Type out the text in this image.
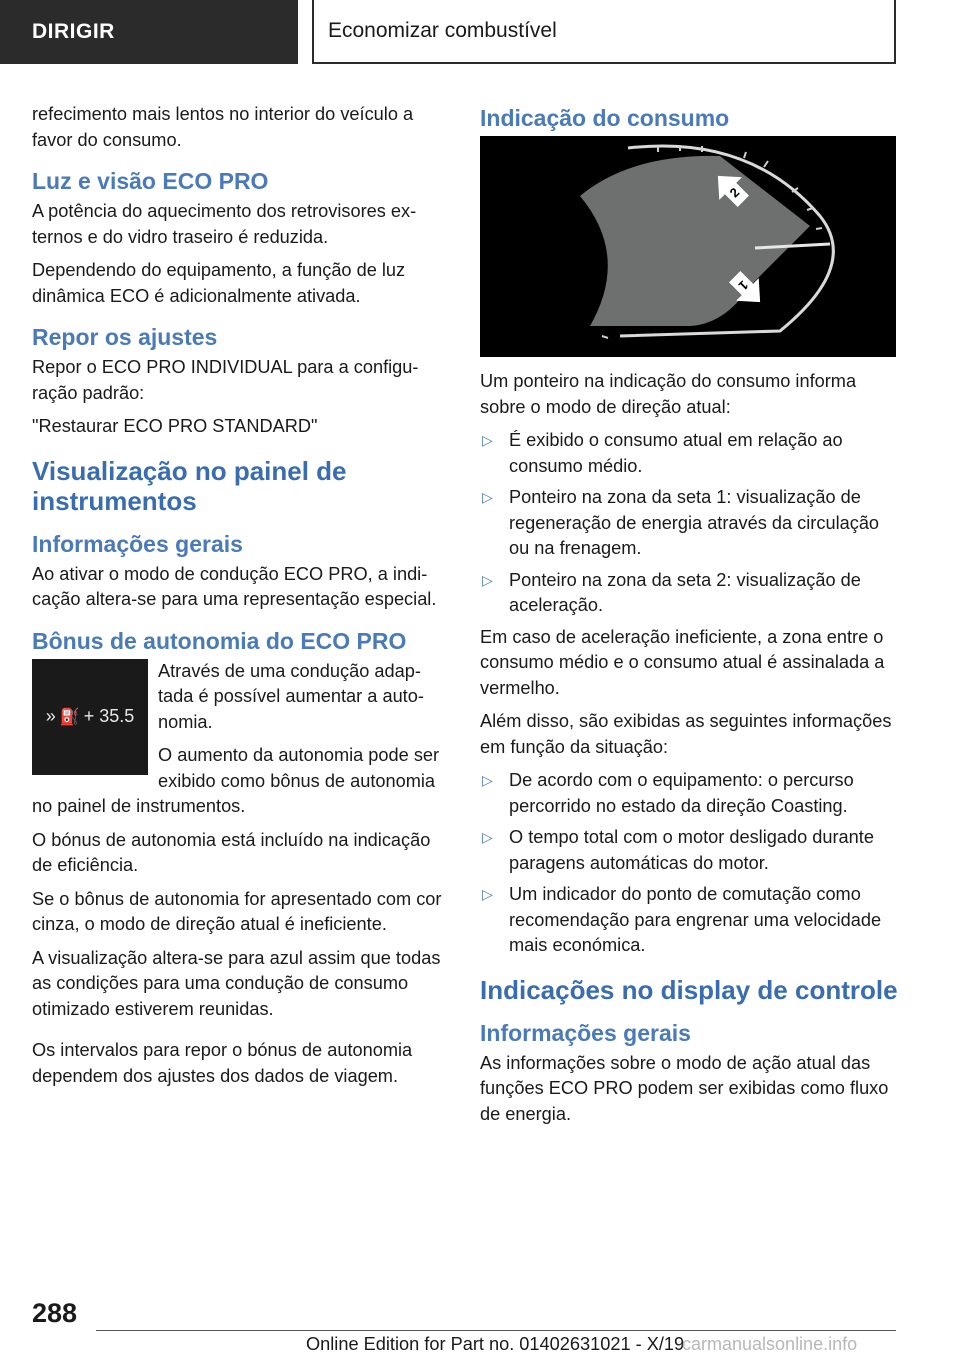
DIRIGIR	Economizar combustível

refecimento mais lentos no interior do veículo a favor do consumo.

Luz e visão ECO PRO

A potência do aquecimento dos retrovisores externos e do vidro traseiro é reduzida.

Dependendo do equipamento, a função de luz dinâmica ECO é adicionalmente ativada.

Repor os ajustes

Repor o ECO PRO INDIVIDUAL para a configuração padrão:

"Restaurar ECO PRO STANDARD"

Visualização no painel de instrumentos
Informações gerais

Ao ativar o modo de condução ECO PRO, a indicação altera-se para uma representação especial.

Bônus de autonomia do ECO PRO
» ⛽ + 35.5

Através de uma condução adaptada é possível aumentar a autonomia.

O aumento da autonomia pode ser exibido como bônus de autonomia no painel de instrumentos.

O bónus de autonomia está incluído na indicação de eficiência.

Se o bônus de autonomia for apresentado com cor cinza, o modo de direção atual é ineficiente.

A visualização altera-se para azul assim que todas as condições para uma condução de consumo otimizado estiverem reunidas.

Os intervalos para repor o bónus de autonomia dependem dos ajustes dos dados de viagem.

Indicação do consumo
2
1

Um ponteiro na indicação do consumo informa sobre o modo de direção atual:

▷ É exibido o consumo atual em relação ao consumo médio.
▷ Ponteiro na zona da seta 1: visualização de regeneração de energia através da circulação ou na frenagem.
▷ Ponteiro na zona da seta 2: visualização de aceleração.

Em caso de aceleração ineficiente, a zona entre o consumo médio e o consumo atual é assinalada a vermelho.

Além disso, são exibidas as seguintes informações em função da situação:

▷ De acordo com o equipamento: o percurso percorrido no estado da direção Coasting.
▷ O tempo total com o motor desligado durante paragens automáticas do motor.
▷ Um indicador do ponto de comutação como recomendação para engrenar uma velocidade mais económica.
Indicações no display de controle
Informações gerais

As informações sobre o modo de ação atual das funções ECO PRO podem ser exibidas como fluxo de energia.

288
Online Edition for Part no. 01402631021 - X/19
carmanualsonline.info
